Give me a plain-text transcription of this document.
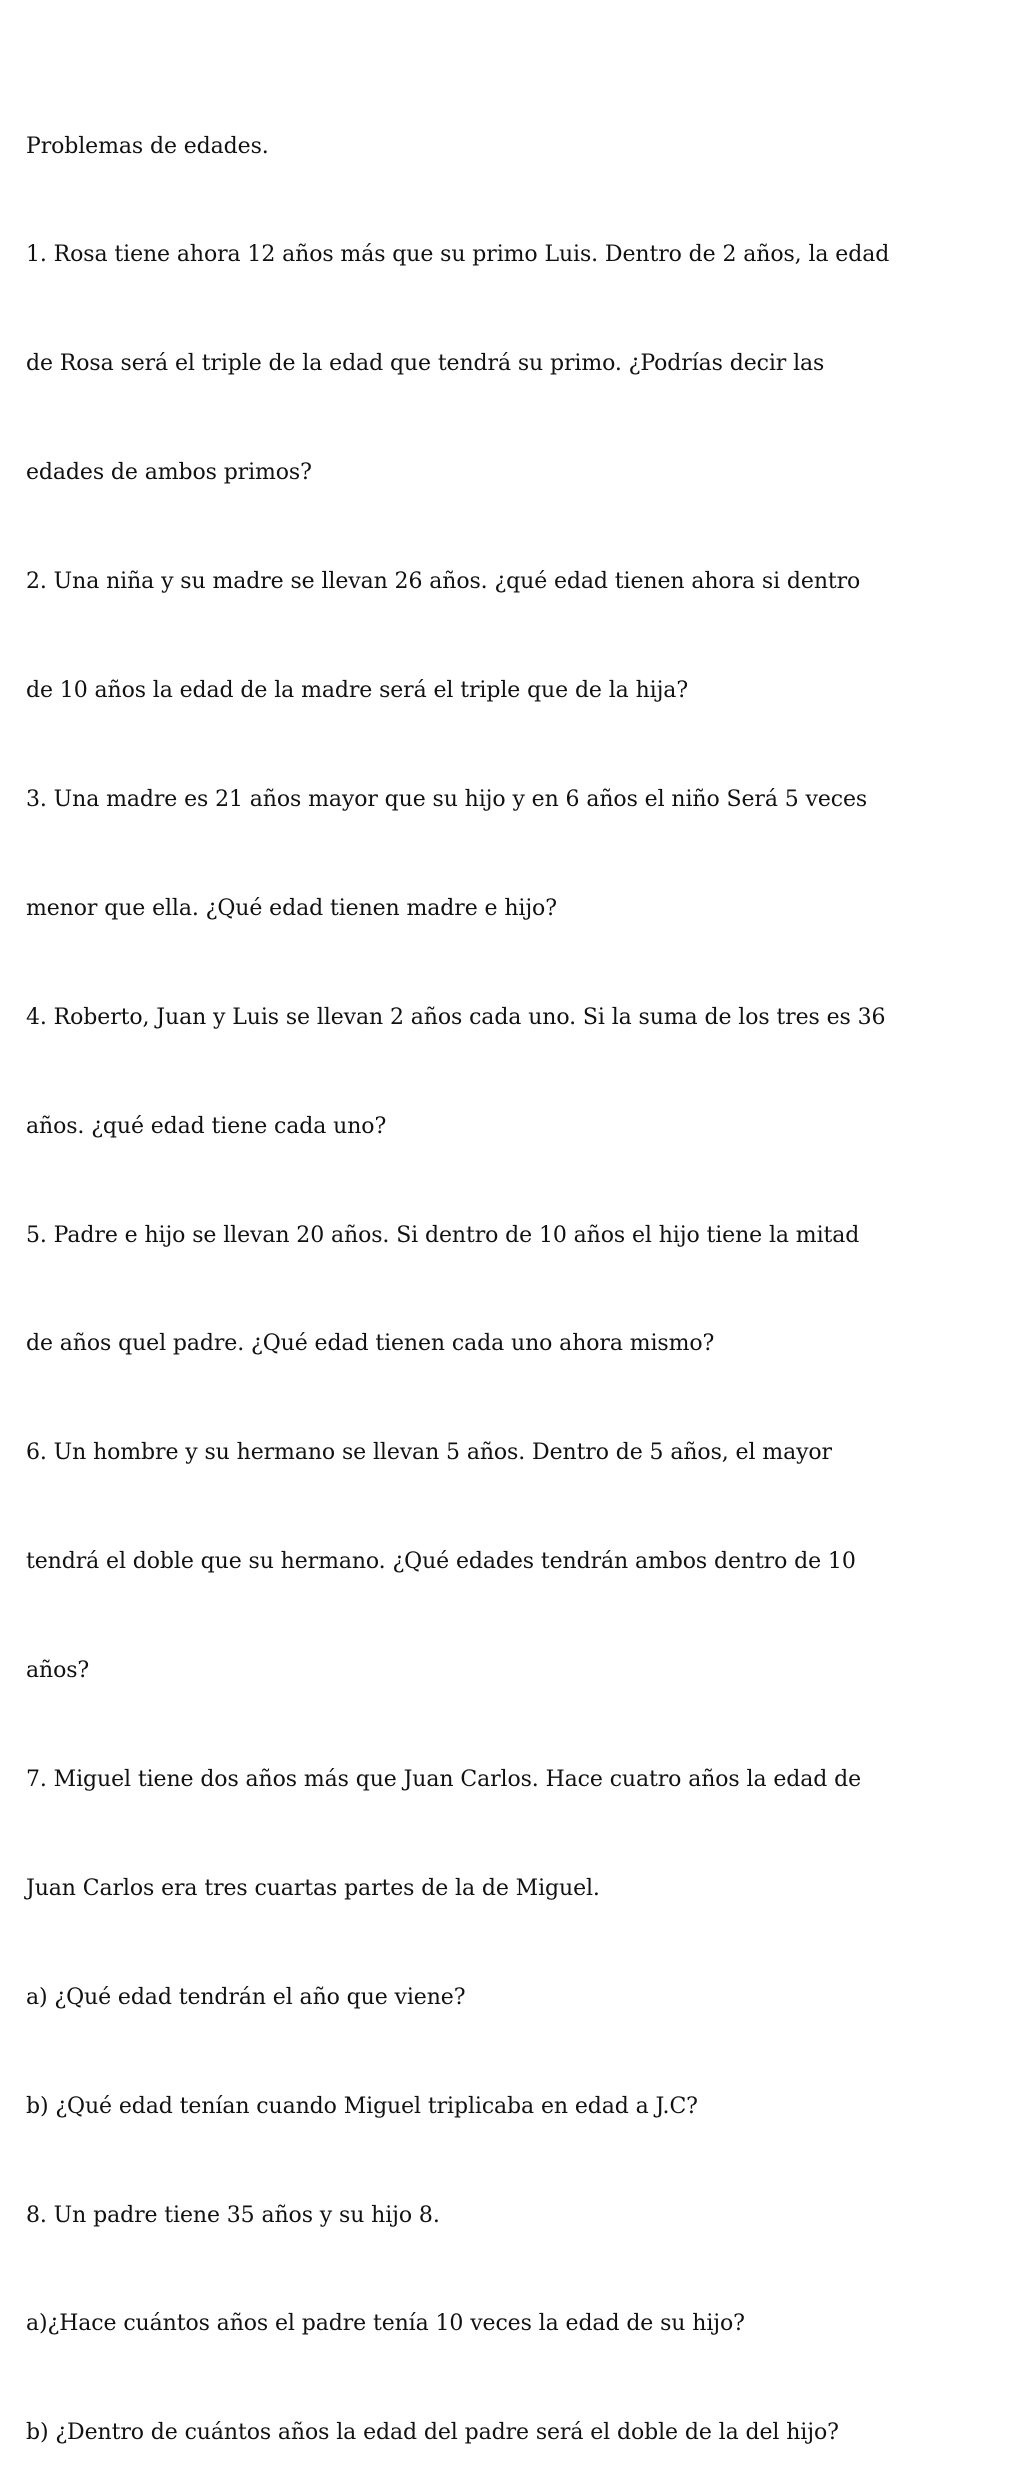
Problemas de edades.

1. Rosa tiene ahora 12 años más que su primo Luis. Dentro de 2 años, la edad

de Rosa será el triple de la edad que tendrá su primo. ¿Podrías decir las

edades de ambos primos?

2. Una niña y su madre se llevan 26 años. ¿qué edad tienen ahora si dentro

de 10 años la edad de la madre será el triple que de la hija?

3. Una madre es 21 años mayor que su hijo y en 6 años el niño Será 5 veces

menor que ella. ¿Qué edad tienen madre e hijo?

4. Roberto, Juan y Luis se llevan 2 años cada uno. Si la suma de los tres es 36

años. ¿qué edad tiene cada uno?

5. Padre e hijo se llevan 20 años. Si dentro de 10 años el hijo tiene la mitad

de años quel padre. ¿Qué edad tienen cada uno ahora mismo?

6. Un hombre y su hermano se llevan 5 años. Dentro de 5 años, el mayor

tendrá el doble que su hermano. ¿Qué edades tendrán ambos dentro de 10

años?

7. Miguel tiene dos años más que Juan Carlos. Hace cuatro años la edad de

Juan Carlos era tres cuartas partes de la de Miguel.

a) ¿Qué edad tendrán el año que viene?

b) ¿Qué edad tenían cuando Miguel triplicaba en edad a J.C?

8. Un padre tiene 35 años y su hijo 8.

a)¿Hace cuántos años el padre tenía 10 veces la edad de su hijo?

b) ¿Dentro de cuántos años la edad del padre será el doble de la del hijo?
